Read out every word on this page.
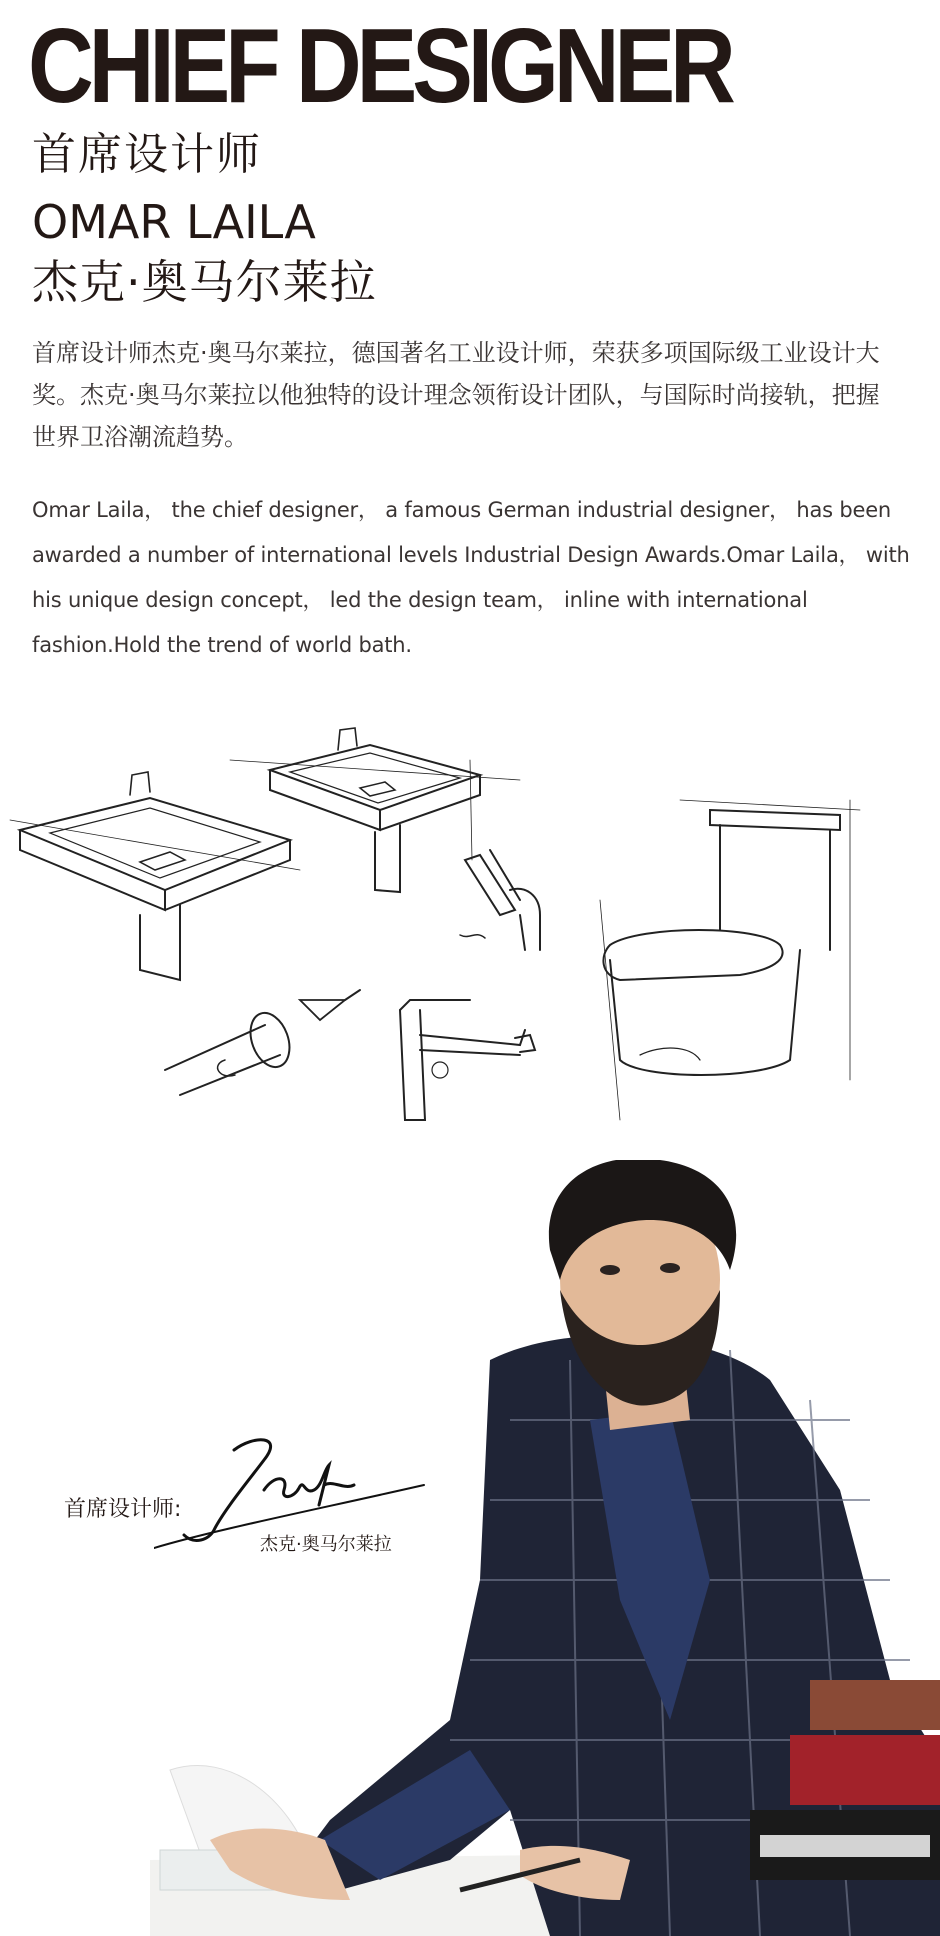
CHIEF DESIGNER
首席设计师
OMAR LAILA
杰克·奥马尔莱拉
首席设计师杰克·奥马尔莱拉，德国著名工业设计师，荣获多项国际级工业设计大奖。杰克·奥马尔莱拉以他独特的设计理念领衔设计团队，与国际时尚接轨，把握世界卫浴潮流趋势。
Omar Laila， the chief designer， a famous German industrial designer， has been awarded a number of international levels Industrial Design Awards.Omar Laila， with his unique design concept， led the design team， inline with international fashion.Hold the trend of world bath.
首席设计师:
杰克·奥马尔莱拉
